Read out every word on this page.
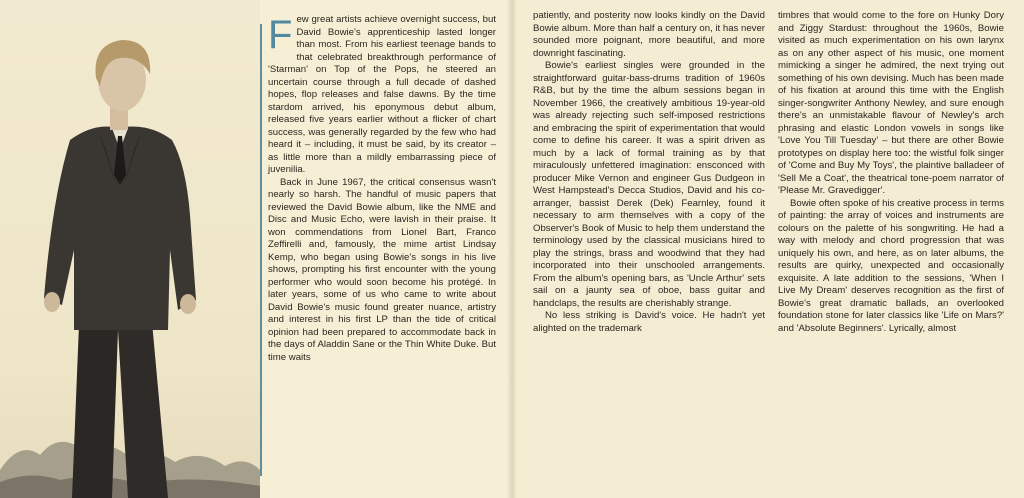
Few great artists achieve overnight success, but David Bowie's apprenticeship lasted longer than most. From his earliest teenage bands to that celebrated breakthrough performance of 'Starman' on Top of the Pops, he steered an uncertain course through a full decade of dashed hopes, flop releases and false dawns. By the time stardom arrived, his eponymous debut album, released five years earlier without a flicker of chart success, was generally regarded by the few who had heard it – including, it must be said, by its creator – as little more than a mildly embarrassing piece of juvenilia.

Back in June 1967, the critical consensus wasn't nearly so harsh. The handful of music papers that reviewed the David Bowie album, like the NME and Disc and Music Echo, were lavish in their praise. It won commendations from Lionel Bart, Franco Zeffirelli and, famously, the mime artist Lindsay Kemp, who began using Bowie's songs in his live shows, prompting his first encounter with the young performer who would soon become his protégé. In later years, some of us who came to write about David Bowie's music found greater nuance, artistry and interest in his first LP than the tide of critical opinion had been prepared to accommodate back in the days of Aladdin Sane or the Thin White Duke. But time waits

patiently, and posterity now looks kindly on the David Bowie album. More than half a century on, it has never sounded more poignant, more beautiful, and more downright fascinating.

Bowie's earliest singles were grounded in the straightforward guitar-bass-drums tradition of 1960s R&B, but by the time the album sessions began in November 1966, the creatively ambitious 19-year-old was already rejecting such self-imposed restrictions and embracing the spirit of experimentation that would come to define his career. It was a spirit driven as much by a lack of formal training as by that miraculously unfettered imagination: ensconced with producer Mike Vernon and engineer Gus Dudgeon in West Hampstead's Decca Studios, David and his co-arranger, bassist Derek (Dek) Fearnley, found it necessary to arm themselves with a copy of the Observer's Book of Music to help them understand the terminology used by the classical musicians hired to play the strings, brass and woodwind that they had incorporated into their unschooled arrangements. From the album's opening bars, as 'Uncle Arthur' sets sail on a jaunty sea of oboe, bass guitar and handclaps, the results are cherishably strange.

No less striking is David's voice. He hadn't yet alighted on the trademark

timbres that would come to the fore on Hunky Dory and Ziggy Stardust: throughout the 1960s, Bowie visited as much experimentation on his own larynx as on any other aspect of his music, one moment mimicking a singer he admired, the next trying out something of his own devising. Much has been made of his fixation at around this time with the English singer-songwriter Anthony Newley, and sure enough there's an unmistakable flavour of Newley's arch phrasing and elastic London vowels in songs like 'Love You Till Tuesday' – but there are other Bowie prototypes on display here too: the wistful folk singer of 'Come and Buy My Toys', the plaintive balladeer of 'Sell Me a Coat', the theatrical tone-poem narrator of 'Please Mr. Gravedigger'.

Bowie often spoke of his creative process in terms of painting: the array of voices and instruments are colours on the palette of his songwriting. He had a way with melody and chord progression that was uniquely his own, and here, as on later albums, the results are quirky, unexpected and occasionally exquisite. A late addition to the sessions, 'When I Live My Dream' deserves recognition as the first of Bowie's great dramatic ballads, an overlooked foundation stone for later classics like 'Life on Mars?' and 'Absolute Beginners'. Lyrically, almost
